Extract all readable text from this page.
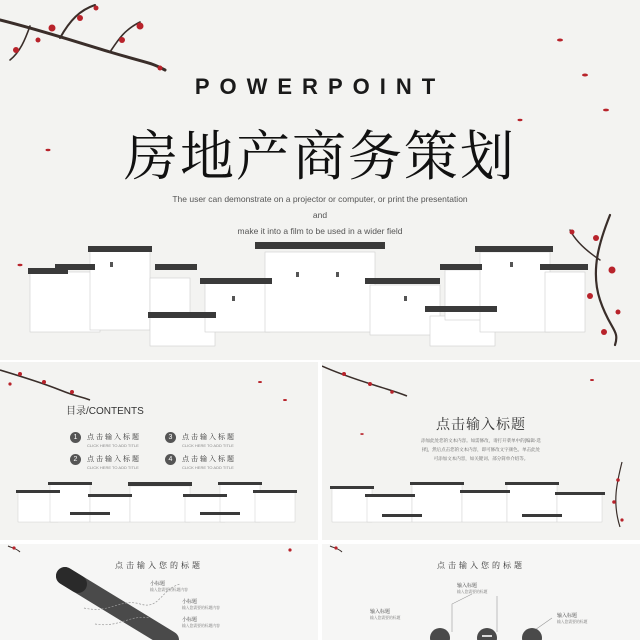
POWERPOINT
房地产商务策划
The user can demonstrate on a projector or computer, or print the presentation and
make it into a film to be used in a wider field
目录/CONTENTS
1	点击输入标题
CLICK HERE TO ADD TITLE
2	点击输入标题
CLICK HERE TO ADD TITLE
3	点击输入标题
CLICK HERE TO ADD TITLE
4	点击输入标题
CLICK HERE TO ADD TITLE
点击输入标题
添加此处您的文本内容。如需修改，请打开菜单中的[编辑-选择]，然后点击您的文本内容，即可修改文字颜色。单击此处可添加文本内容，如关键词、部分简单介绍等。
点击输入您的标题
小标题
输入您需要的标题内容
小标题
输入您需要的标题内容
小标题
输入您需要的标题内容
点击输入您的标题
输入标题
输入您需要的标题
输入标题
输入您需要的标题	输入标题
输入您需要的标题
